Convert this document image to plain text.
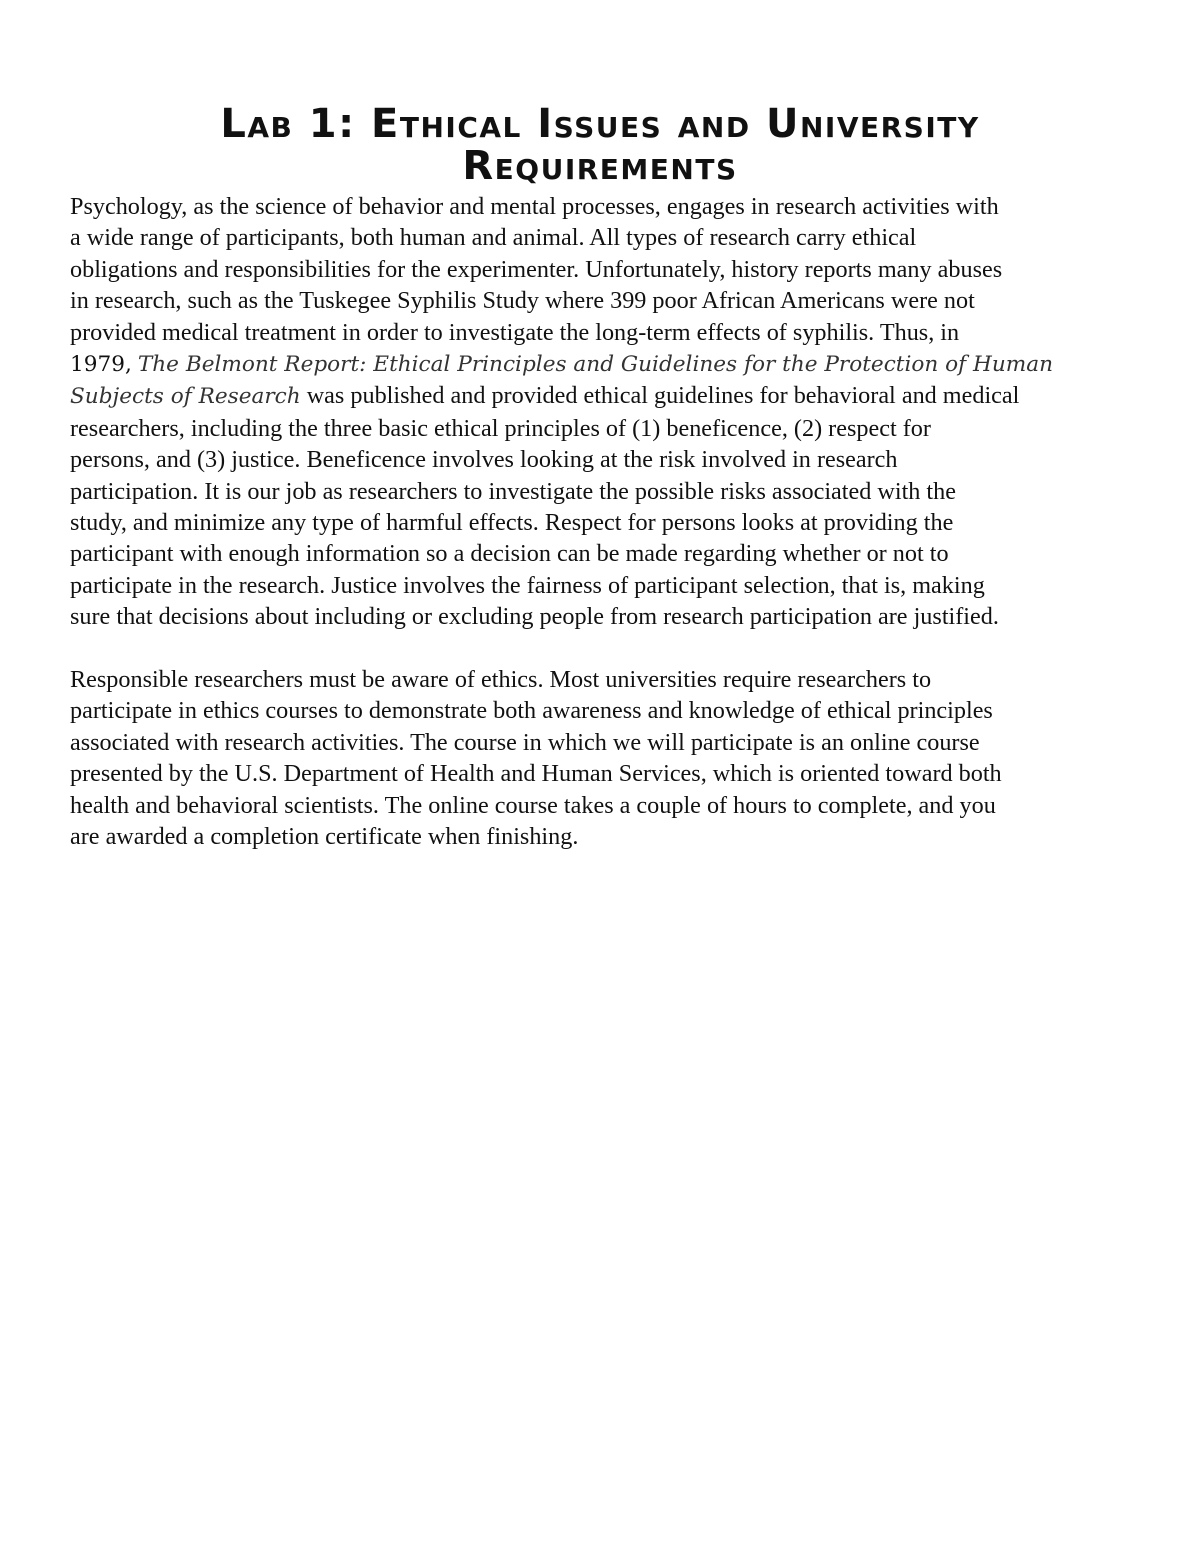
Lab 1: Ethical Issues and University
Requirements

Psychology, as the science of behavior and mental processes, engages in research activities with
a wide range of participants, both human and animal. All types of research carry ethical
obligations and responsibilities for the experimenter. Unfortunately, history reports many abuses
in research, such as the Tuskegee Syphilis Study where 399 poor African Americans were not
provided medical treatment in order to investigate the long-term effects of syphilis. Thus, in
1979, The Belmont Report: Ethical Principles and Guidelines for the Protection of Human
Subjects of Research was published and provided ethical guidelines for behavioral and medical
researchers, including the three basic ethical principles of (1) beneficence, (2) respect for
persons, and (3) justice. Beneficence involves looking at the risk involved in research
participation. It is our job as researchers to investigate the possible risks associated with the
study, and minimize any type of harmful effects. Respect for persons looks at providing the
participant with enough information so a decision can be made regarding whether or not to
participate in the research. Justice involves the fairness of participant selection, that is, making
sure that decisions about including or excluding people from research participation are justified.

Responsible researchers must be aware of ethics. Most universities require researchers to
participate in ethics courses to demonstrate both awareness and knowledge of ethical principles
associated with research activities. The course in which we will participate is an online course
presented by the U.S. Department of Health and Human Services, which is oriented toward both
health and behavioral scientists. The online course takes a couple of hours to complete, and you
are awarded a completion certificate when finishing.
